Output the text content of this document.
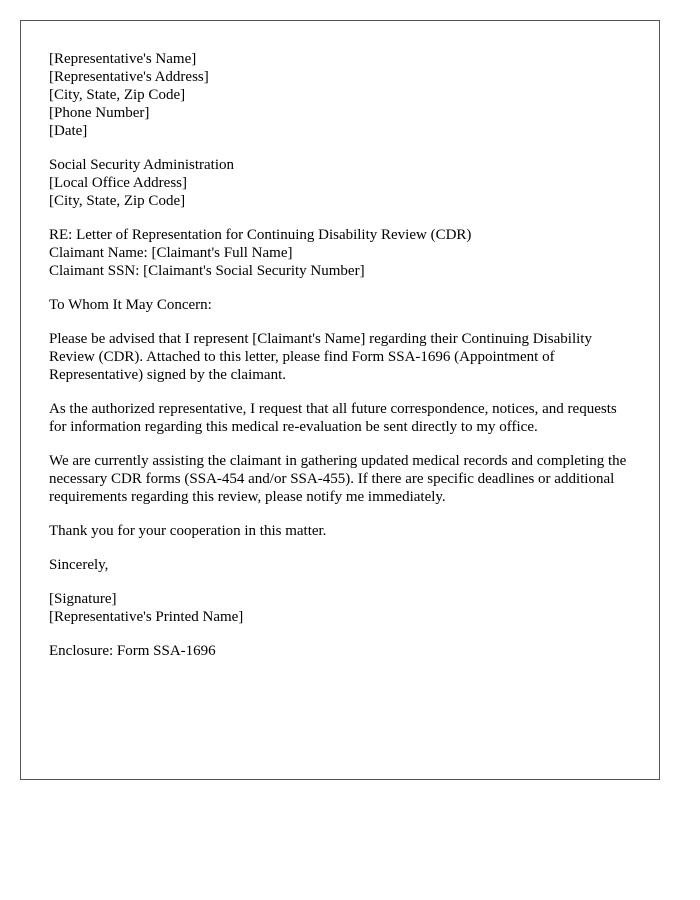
[Representative's Name]
[Representative's Address]
[City, State, Zip Code]
[Phone Number]
[Date]
Social Security Administration
[Local Office Address]
[City, State, Zip Code]
RE: Letter of Representation for Continuing Disability Review (CDR)
Claimant Name: [Claimant's Full Name]
Claimant SSN: [Claimant's Social Security Number]

To Whom It May Concern:

Please be advised that I represent [Claimant's Name] regarding their Continuing Disability Review (CDR). Attached to this letter, please find Form SSA-1696 (Appointment of Representative) signed by the claimant.

As the authorized representative, I request that all future correspondence, notices, and requests for information regarding this medical re-evaluation be sent directly to my office.

We are currently assisting the claimant in gathering updated medical records and completing the necessary CDR forms (SSA-454 and/or SSA-455). If there are specific deadlines or additional requirements regarding this review, please notify me immediately.

Thank you for your cooperation in this matter.

Sincerely,

[Signature]
[Representative's Printed Name]

Enclosure: Form SSA-1696
